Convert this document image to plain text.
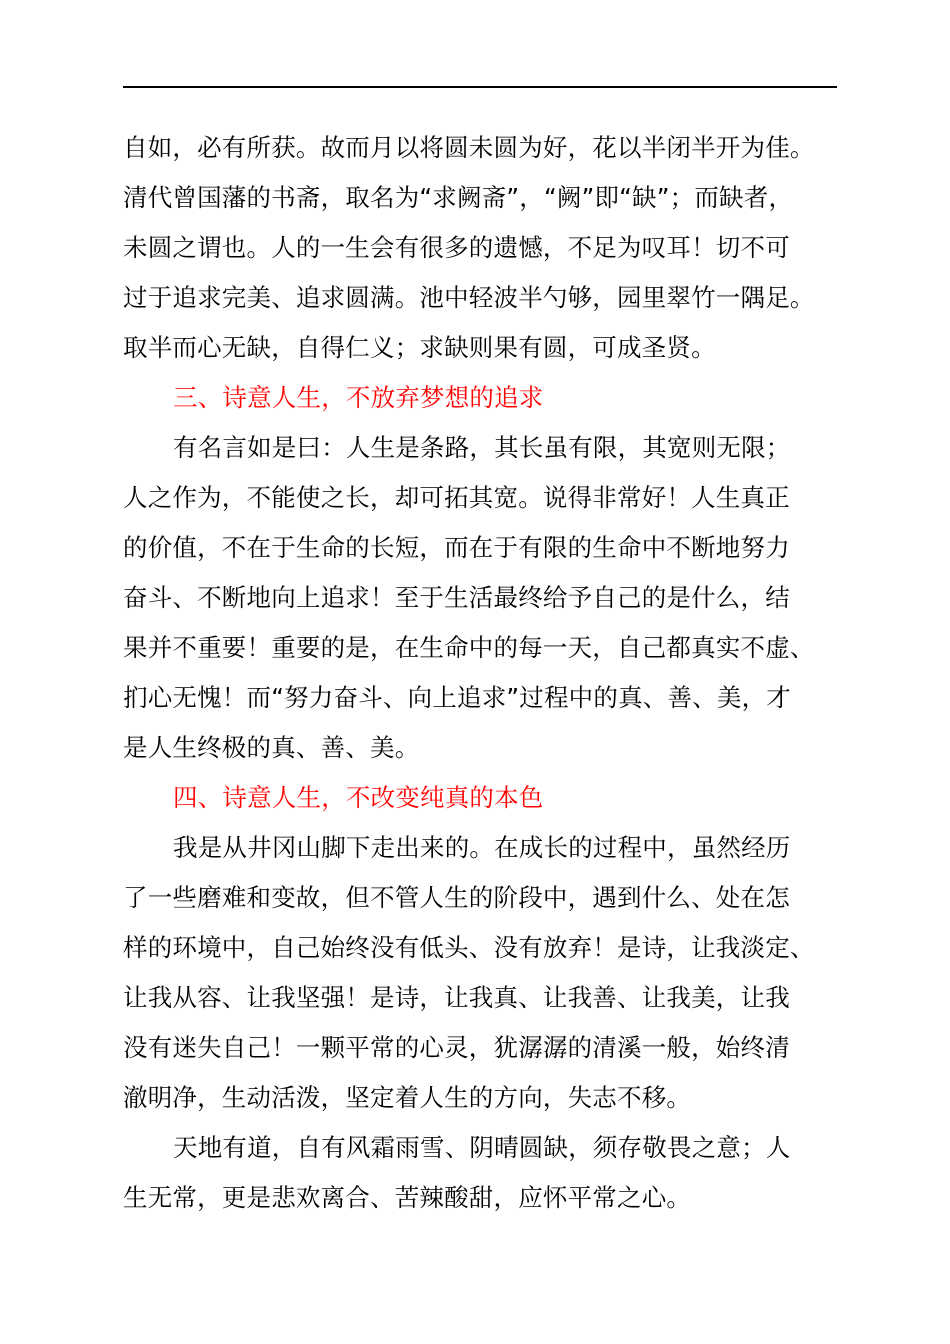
自如，必有所获。故而月以将圆未圆为好，花以半闭半开为佳。
清代曾国藩的书斋，取名为“求阙斋”，“阙”即“缺”；而缺者，
未圆之谓也。人的一生会有很多的遗憾，不足为叹耳！切不可
过于追求完美、追求圆满。池中轻波半勺够，园里翠竹一隅足。
取半而心无缺，自得仁义；求缺则果有圆，可成圣贤。
三、诗意人生，不放弃梦想的追求
有名言如是曰：人生是条路，其长虽有限，其宽则无限；
人之作为，不能使之长，却可拓其宽。说得非常好！人生真正
的价值，不在于生命的长短，而在于有限的生命中不断地努力
奋斗、不断地向上追求！至于生活最终给予自己的是什么，结
果并不重要！重要的是，在生命中的每一天，自己都真实不虚、
扪心无愧！而“努力奋斗、向上追求”过程中的真、善、美，才
是人生终极的真、善、美。
四、诗意人生，不改变纯真的本色
我是从井冈山脚下走出来的。在成长的过程中，虽然经历
了一些磨难和变故，但不管人生的阶段中，遇到什么、处在怎
样的环境中，自己始终没有低头、没有放弃！是诗，让我淡定、
让我从容、让我坚强！是诗，让我真、让我善、让我美，让我
没有迷失自己！一颗平常的心灵，犹潺潺的清溪一般，始终清
澈明净，生动活泼，坚定着人生的方向，失志不移。
天地有道，自有风霜雨雪、阴晴圆缺，须存敬畏之意；人
生无常，更是悲欢离合、苦辣酸甜，应怀平常之心。
